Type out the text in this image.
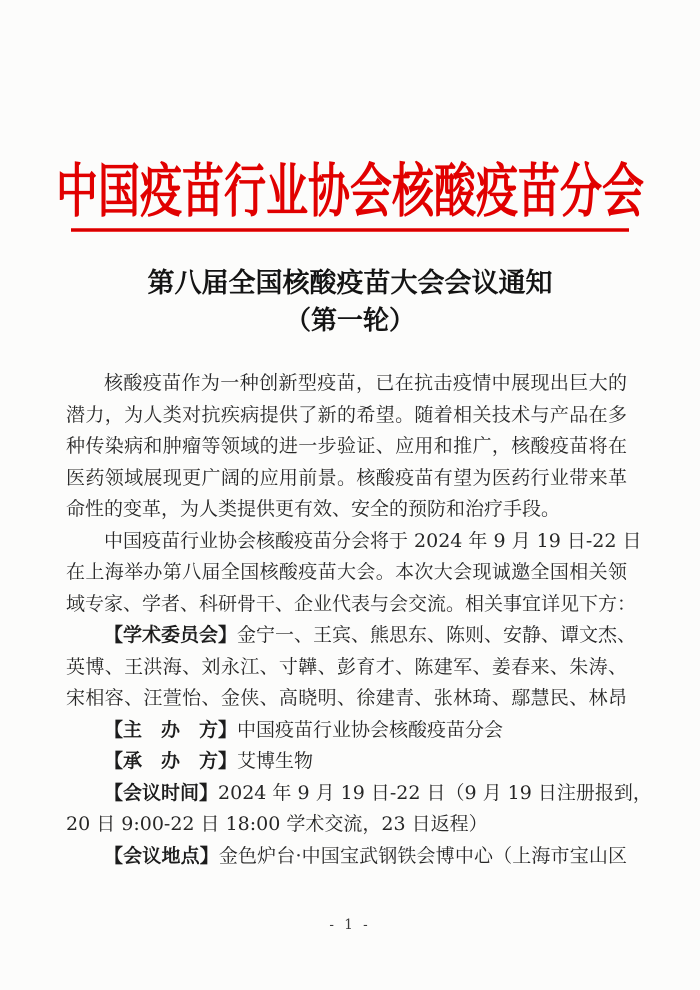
中国疫苗行业协会核酸疫苗分会
第八届全国核酸疫苗大会会议通知
（第一轮）
核酸疫苗作为一种创新型疫苗，已在抗击疫情中展现出巨大的
潜力，为人类对抗疾病提供了新的希望。随着相关技术与产品在多
种传染病和肿瘤等领域的进一步验证、应用和推广，核酸疫苗将在
医药领域展现更广阔的应用前景。核酸疫苗有望为医药行业带来革
命性的变革，为人类提供更有效、安全的预防和治疗手段。
中国疫苗行业协会核酸疫苗分会将于 2024 年 9 月 19 日-22 日
在上海举办第八届全国核酸疫苗大会。本次大会现诚邀全国相关领
域专家、学者、科研骨干、企业代表与会交流。相关事宜详见下方：
【学术委员会】金宁一、王宾、熊思东、陈则、安静、谭文杰、
英博、王洪海、刘永江、寸韡、彭育才、陈建军、姜春来、朱涛、
宋相容、汪萱怡、金侠、高晓明、徐建青、张林琦、鄢慧民、林昂
【主　办　方】中国疫苗行业协会核酸疫苗分会
【承　办　方】艾博生物
【会议时间】2024 年 9 月 19 日-22 日（9 月 19 日注册报到，
20 日 9:00-22 日 18:00 学术交流，23 日返程）
【会议地点】金色炉台·中国宝武钢铁会博中心（上海市宝山区
- 1 -
